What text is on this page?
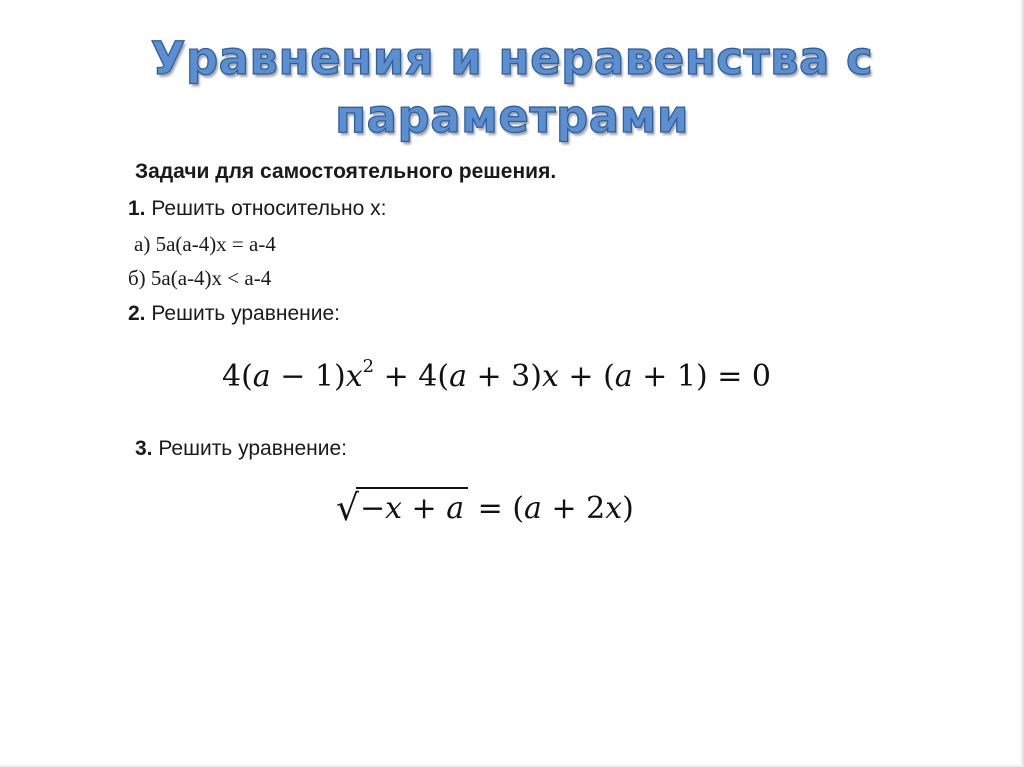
Уравнения и неравенства с
параметрами
Задачи для самостоятельного решения.
1. Решить относительно x:
а) 5a(a-4)x = a-4
б) 5a(a-4)x < a-4
2. Решить уравнение:
$4(a - 1)x^2 + 4(a + 3)x + (a + 1) = 0$
3. Решить уравнение:
√−x + a = (a + 2x)
